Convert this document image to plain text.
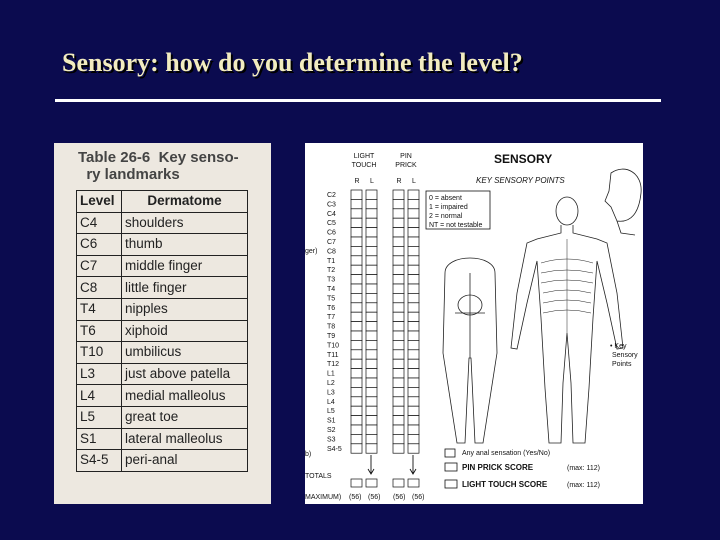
Sensory: how do you determine the level?
Table 26-6  Key senso-
ry landmarks
Level	Dermatome
C4	shoulders
C6	thumb
C7	middle finger
C8	little finger
T4	nipples
T6	xiphoid
T10	umbilicus
L3	just above patella
L4	medial malleolus
L5	great toe
S1	lateral malleolus
S4-5	peri-anal
LIGHT
TOUCH
PIN
PRICK
R L	R L
SENSORY
KEY SENSORY POINTS
ger)
b)
0 = absent
1 = impaired
2 = normal
NT = not testable
C2
C3
C4
C5
C6
C7
C8
T1
T2
T3
T4
T5
T6
T7
T8
T9
T10
T11
T12
L1
L2
L3
L4
L5
S1
S2
S3
S4-5
• Key
Sensory
Points
Any anal sensation (Yes/No)
PIN PRICK SCORE
LIGHT TOUCH SCORE
(max: 112)
(max: 112)
TOTALS
MAXIMUM) (56) (56) (56) (56)
